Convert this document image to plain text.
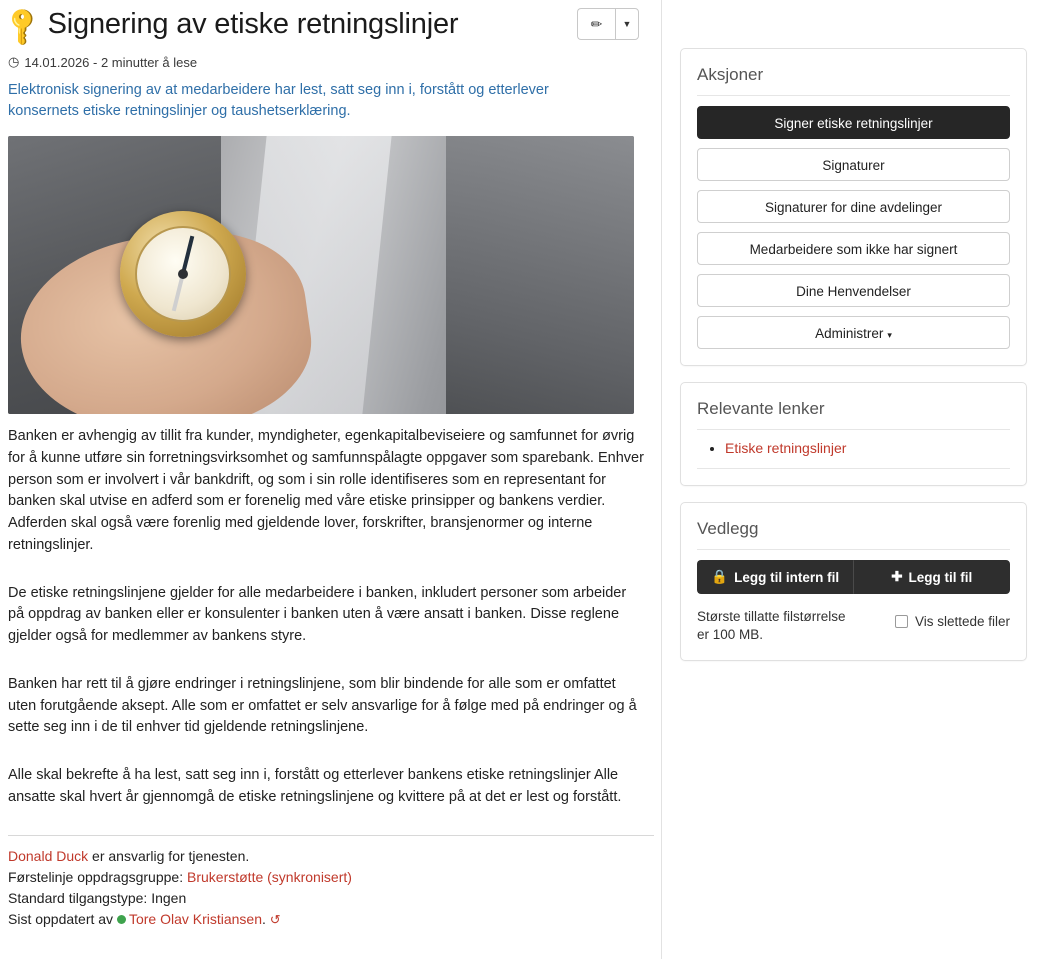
🔑 Signering av etiske retningslinjer	✏	▼
◷ 14.01.2026 - 2 minutter å lese

Elektronisk signering av at medarbeidere har lest, satt seg inn i, forstått og etterlever konsernets etiske retningslinjer og taushetserklæring.

Banken er avhengig av tillit fra kunder, myndigheter, egenkapitalbeviseiere og samfunnet for øvrig for å kunne utføre sin forretningsvirksomhet og samfunnspålagte oppgaver som sparebank. Enhver person som er involvert i vår bankdrift, og som i sin rolle identifiseres som en representant for banken skal utvise en adferd som er forenelig med våre etiske prinsipper og bankens verdier. Adferden skal også være forenlig med gjeldende lover, forskrifter, bransjenormer og interne retningslinjer.

De etiske retningslinjene gjelder for alle medarbeidere i banken, inkludert personer som arbeider på oppdrag av banken eller er konsulenter i banken uten å være ansatt i banken. Disse reglene gjelder også for medlemmer av bankens styre.

Banken har rett til å gjøre endringer i retningslinjene, som blir bindende for alle som er omfattet uten forutgående aksept. Alle som er omfattet er selv ansvarlige for å følge med på endringer og å sette seg inn i de til enhver tid gjeldende retningslinjene.

Alle skal bekrefte å ha lest, satt seg inn i, forstått og etterlever bankens etiske retningslinjer Alle ansatte skal hvert år gjennomgå de etiske retningslinjene og kvittere på at det er lest og forstått.

Donald Duck er ansvarlig for tjenesten.
Førstelinje oppdragsgruppe: Brukerstøtte (synkronisert)
Standard tilgangstype: Ingen
Sist oppdatert av Tore Olav Kristiansen. ↺
Aksjoner
Signer etiske retningslinjer
Signaturer
Signaturer for dine avdelinger
Medarbeidere som ikke har signert
Dine Henvendelser
Administrer ▾
Relevante lenker
• Etiske retningslinjer
Vedlegg
🔒 Legg til intern fil	✚ Legg til fil
Største tillatte filstørrelse er 100 MB.
Vis slettede filer
